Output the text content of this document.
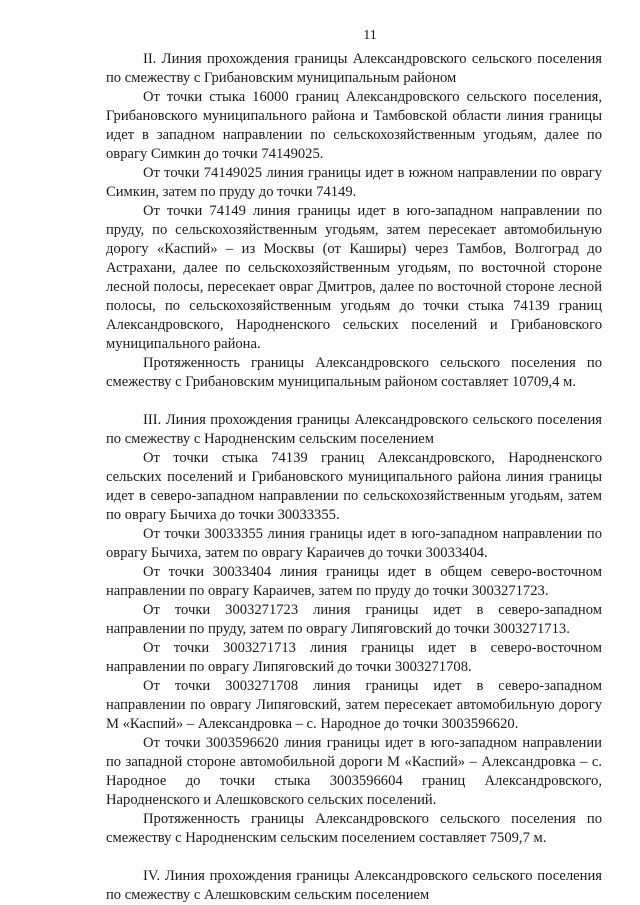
11

II. Линия прохождения границы Александровского сельского поселения по смежеству с Грибановским муниципальным районом

От точки стыка 16000 границ Александровского сельского поселения, Грибановского муниципального района и Тамбовской области линия границы идет в западном направлении по сельскохозяйственным угодьям, далее по оврагу Симкин до точки 74149025.

От точки 74149025 линия границы идет в южном направлении по оврагу Симкин, затем по пруду до точки 74149.

От точки 74149 линия границы идет в юго-западном направлении по пруду, по сельскохозяйственным угодьям, затем пересекает автомобильную дорогу «Каспий» – из Москвы (от Каширы) через Тамбов, Волгоград до Астрахани, далее по сельскохозяйственным угодьям, по восточной стороне лесной полосы, пересекает овраг Дмитров, далее по восточной стороне лесной полосы, по сельскохозяйственным угодьям до точки стыка 74139 границ Александровского, Народненского сельских поселений и Грибановского муниципального района.

Протяженность границы Александровского сельского поселения по смежеству с Грибановским муниципальным районом составляет 10709,4 м.

III. Линия прохождения границы Александровского сельского поселения по смежеству с Народненским сельским поселением

От точки стыка 74139 границ Александровского, Народненского сельских поселений и Грибановского муниципального района линия границы идет в северо-западном направлении по сельскохозяйственным угодьям, затем по оврагу Бычиха до точки 30033355.

От точки 30033355 линия границы идет в юго-западном направлении по оврагу Бычиха, затем по оврагу Караичев до точки 30033404.

От точки 30033404 линия границы идет в общем северо-восточном направлении по оврагу Караичев, затем по пруду до точки 3003271723.

От точки 3003271723 линия границы идет в северо-западном направлении по пруду, затем по оврагу Липяговский до точки 3003271713.

От точки 3003271713 линия границы идет в северо-восточном направлении по оврагу Липяговский до точки 3003271708.

От точки 3003271708 линия границы идет в северо-западном направлении по оврагу Липяговский, затем пересекает автомобильную дорогу М «Каспий» – Александровка – с. Народное до точки 3003596620.

От точки 3003596620 линия границы идет в юго-западном направлении по западной стороне автомобильной дороги М «Каспий» – Александровка – с. Народное до точки стыка 3003596604 границ Александровского, Народненского и Алешковского сельских поселений.

Протяженность границы Александровского сельского поселения по смежеству с Народненским сельским поселением составляет 7509,7 м.

IV. Линия прохождения границы Александровского сельского поселения по смежеству с Алешковским сельским поселением
